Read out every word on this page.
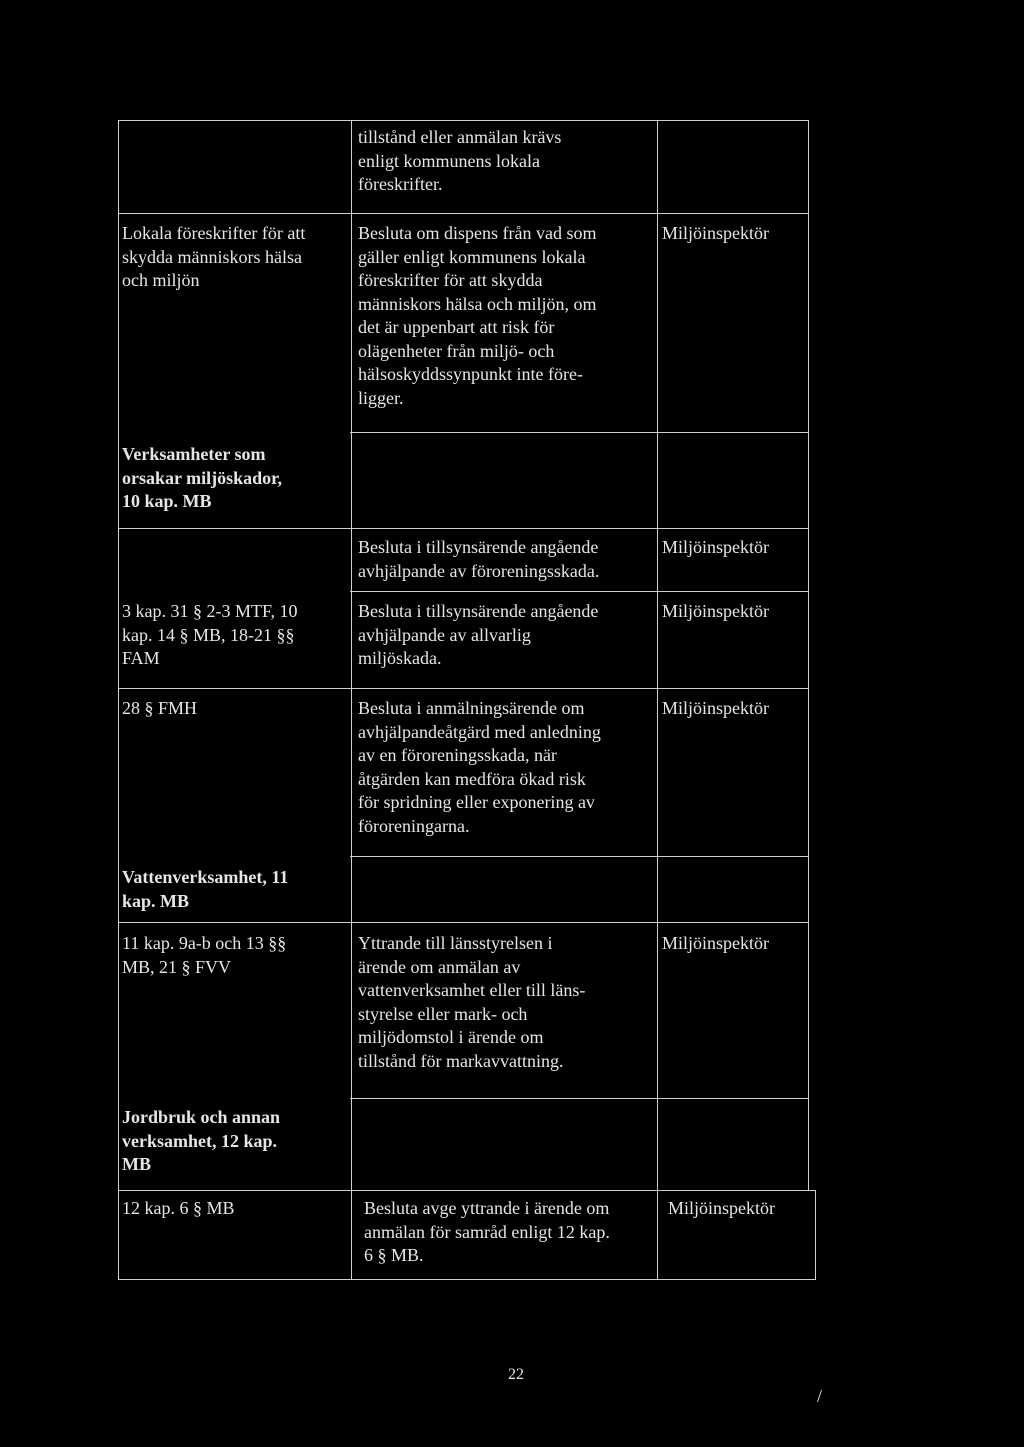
tillstånd eller anmälan krävs
enligt kommunens lokala
föreskrifter.
Lokala föreskrifter för att
skydda människors hälsa
och miljön
Besluta om dispens från vad som
gäller enligt kommunens lokala
föreskrifter för att skydda
människors hälsa och miljön, om
det är uppenbart att risk för
olägenheter från miljö- och
hälsoskyddssynpunkt inte före-
ligger.
Miljöinspektör
Verksamheter som
orsakar miljöskador,
10 kap. MB
Besluta i tillsynsärende angående
avhjälpande av föroreningsskada.
Miljöinspektör
3 kap. 31 § 2-3 MTF, 10
kap. 14 § MB, 18-21 §§
FAM
Besluta i tillsynsärende angående
avhjälpande av allvarlig
miljöskada.
Miljöinspektör
28 § FMH	Besluta i anmälningsärende om
avhjälpandeåtgärd med anledning
av en föroreningsskada, när
åtgärden kan medföra ökad risk
för spridning eller exponering av
föroreningarna.
Miljöinspektör
Vattenverksamhet, 11
kap. MB
11 kap. 9a-b och 13 §§
MB, 21 § FVV
Yttrande till länsstyrelsen i
ärende om anmälan av
vattenverksamhet eller till läns-
styrelse eller mark- och
miljödomstol i ärende om
tillstånd för markavvattning.
Miljöinspektör
Jordbruk och annan
verksamhet, 12 kap.
MB
12 kap. 6 § MB	Besluta avge yttrande i ärende om
anmälan för samråd enligt 12 kap.
6 § MB.
Miljöinspektör
22
/
